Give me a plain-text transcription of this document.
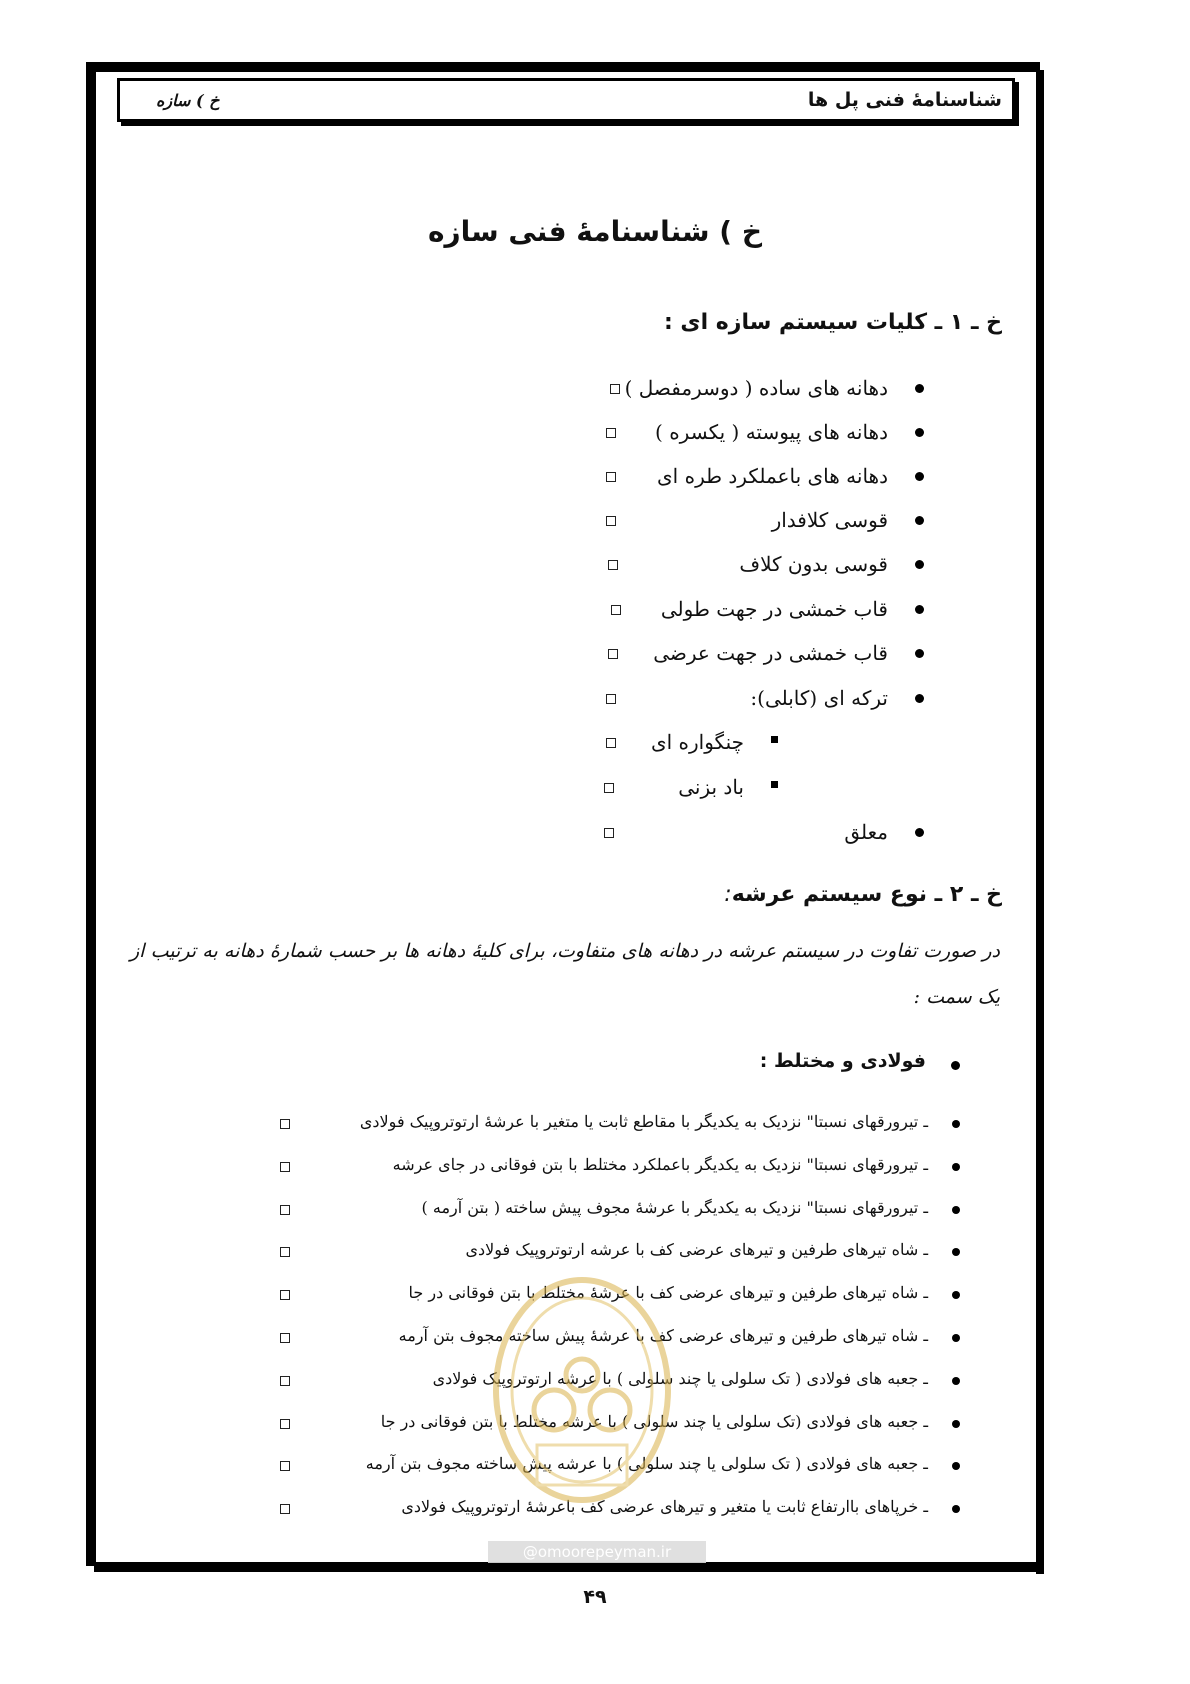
خ ) سازه	شناسنامۀ فنی پل ها
خ ) شناسنامۀ فنی سازه
خ ـ ۱ ـ کلیات سیستم سازه ای :
دهانه های ساده ( دوسرمفصل )
دهانه های پیوسته ( یکسره )
دهانه های باعملکرد طره ای
قوسی کلافدار
قوسی بدون کلاف
قاب خمشی در جهت طولی
قاب خمشی در جهت عرضی
ترکه ای (کابلی):
چنگواره ای
باد بزنی
معلق
خ ـ ۲ ـ نوع سیستم عرشه:
در صورت تفاوت در سیستم عرشه در دهانه های متفاوت، برای کلیۀ دهانه ها بر حسب شمارۀ دهانه به ترتیب از یک سمت :
فولادی و مختلط :
ـ تیرورقهای نسبتا" نزدیک به یکدیگر با مقاطع ثابت یا متغیر با عرشۀ ارتوتروپیک فولادی
ـ تیرورقهای نسبتا" نزدیک به یکدیگر باعملکرد مختلط با بتن فوقانی در جای عرشه
ـ تیرورقهای نسبتا" نزدیک به یکدیگر با عرشۀ مجوف پیش ساخته ( بتن آرمه )
ـ شاه تیرهای طرفین و تیرهای عرضی کف با عرشه ارتوتروپیک فولادی
ـ شاه تیرهای طرفین و تیرهای عرضی کف با عرشۀ مختلط با بتن فوقانی در جا
ـ شاه تیرهای طرفین و تیرهای عرضی کف با عرشۀ پیش ساخته مجوف بتن آرمه
ـ جعبه های فولادی ( تک سلولی یا چند سلولی ) با عرشه ارتوتروپیک فولادی
ـ جعبه های فولادی (تک سلولی یا چند سلولی ) با عرشه مختلط با بتن فوقانی در جا
ـ جعبه های فولادی ( تک سلولی یا چند سلولی ) با عرشه پیش ساخته مجوف بتن آرمه
ـ خرپاهای باارتفاع ثابت یا متغیر و تیرهای عرضی کف باعرشۀ ارتوتروپیک فولادی
@omoorepeyman.ir
۴۹
